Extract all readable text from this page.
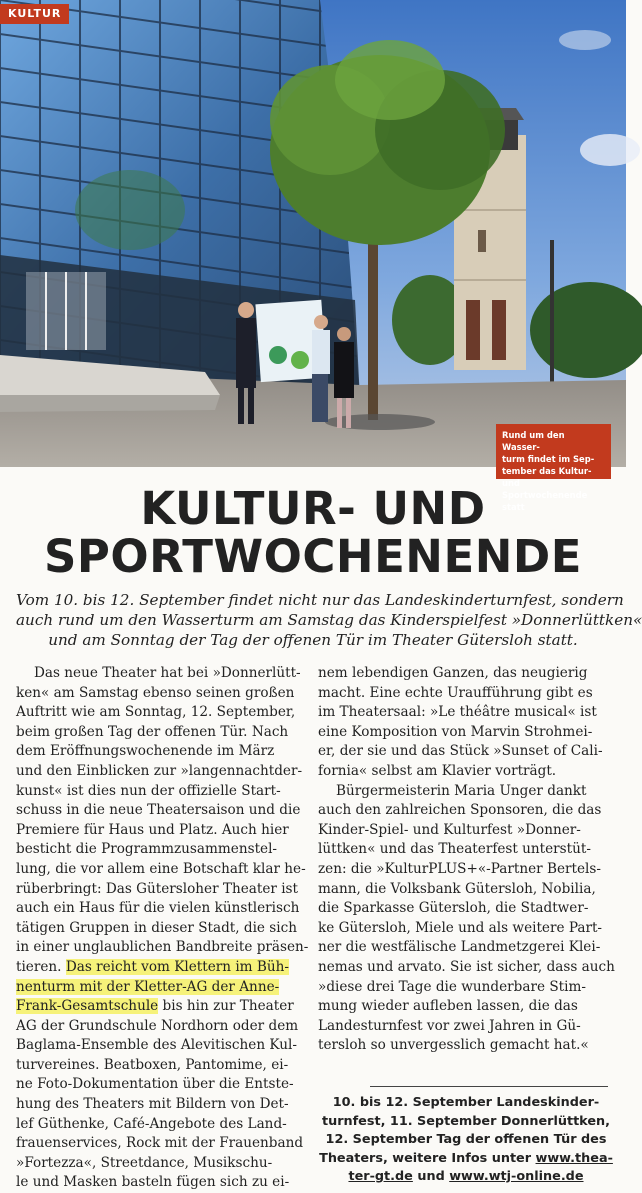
KULTUR
Rund um den Wasser-
turm findet im Sep-
tember das Kultur- und
Sportwochenende statt
KULTUR- UND
SPORTWOCHENENDE

Vom 10. bis 12. September findet nicht nur das Landeskinderturnfest, sondern
auch rund um den Wasserturm am Samstag das Kinderspielfest »Donnerlüttken«
und am Sonntag der Tag der offenen Tür im Theater Gütersloh statt.

Das neue Theater hat bei »Donnerlütt-
ken« am Samstag ebenso seinen großen
Auftritt wie am Sonntag, 12. September,
beim großen Tag der offenen Tür. Nach
dem Eröffnungswochenende im März
und den Einblicken zur »langennachtder-
kunst« ist dies nun der offizielle Start-
schuss in die neue Theatersaison und die
Premiere für Haus und Platz. Auch hier
besticht die Programmzusammenstel-
lung, die vor allem eine Botschaft klar he-
rüberbringt: Das Gütersloher Theater ist
auch ein Haus für die vielen künstlerisch
tätigen Gruppen in dieser Stadt, die sich
in einer unglaublichen Bandbreite präsen-
tieren. Das reicht vom Klettern im Büh-
nenturm mit der Kletter-AG der Anne-
Frank-Gesamtschule bis hin zur Theater
AG der Grundschule Nordhorn oder dem
Baglama-Ensemble des Alevitischen Kul-
turvereines. Beatboxen, Pantomime, ei-
ne Foto-Dokumentation über die Entste-
hung des Theaters mit Bildern von Det-
lef Güthenke, Café-Angebote des Land-
frauenservices, Rock mit der Frauenband
»Fortezza«, Streetdance, Musikschu-
le und Masken basteln fügen sich zu ei-
nem lebendigen Ganzen, das neugierig
macht. Eine echte Uraufführung gibt es
im Theatersaal: »Le théâtre musical« ist
eine Komposition von Marvin Strohmei-
er, der sie und das Stück »Sunset of Cali-
fornia« selbst am Klavier vorträgt.
Bürgermeisterin Maria Unger dankt
auch den zahlreichen Sponsoren, die das
Kinder-Spiel- und Kulturfest »Donner-
lüttken« und das Theaterfest unterstüt-
zen: die »KulturPLUS+«-Partner Bertels-
mann, die Volksbank Gütersloh, Nobilia,
die Sparkasse Gütersloh, die Stadtwer-
ke Gütersloh, Miele und als weitere Part-
ner die westfälische Landmetzgerei Klei-
nemas und arvato. Sie ist sicher, dass auch
»diese drei Tage die wunderbare Stim-
mung wieder aufleben lassen, die das
Landesturnfest vor zwei Jahren in Gü-
tersloh so unvergesslich gemacht hat.«
10. bis 12. September Landeskinder-
turnfest, 11. September Donnerlüttken,
12. September Tag der offenen Tür des
Theaters, weitere Infos unter www.thea-
ter-gt.de und www.wtj-online.de
